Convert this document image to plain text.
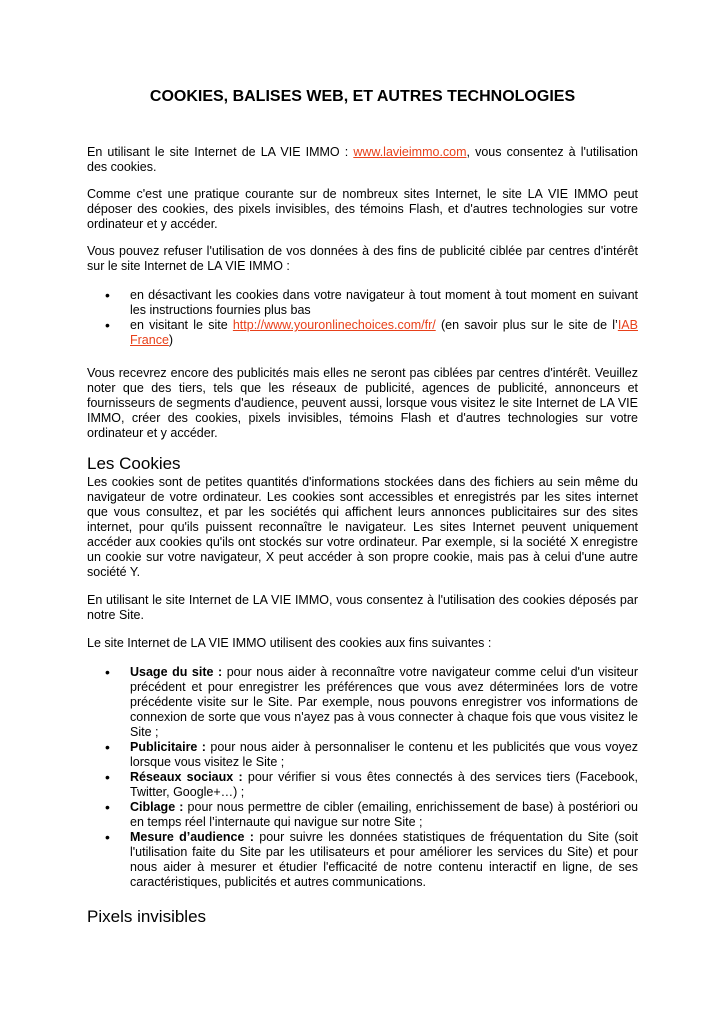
COOKIES, BALISES WEB, ET AUTRES TECHNOLOGIES

En utilisant le site Internet de LA VIE IMMO : www.lavieimmo.com, vous consentez à l'utilisation des cookies.

Comme c'est une pratique courante sur de nombreux sites Internet, le site LA VIE IMMO peut déposer des cookies, des pixels invisibles, des témoins Flash, et d'autres technologies sur votre ordinateur et y accéder.

Vous pouvez refuser l'utilisation de vos données à des fins de publicité ciblée par centres d'intérêt sur le site Internet de LA VIE IMMO :

• en désactivant les cookies dans votre navigateur à tout moment à tout moment en suivant les instructions fournies plus bas
• en visitant le site http://www.youronlinechoices.com/fr/ (en savoir plus sur le site de l’IAB France)

Vous recevrez encore des publicités mais elles ne seront pas ciblées par centres d'intérêt. Veuillez noter que des tiers, tels que les réseaux de publicité, agences de publicité, annonceurs et fournisseurs de segments d'audience, peuvent aussi, lorsque vous visitez le site Internet de LA VIE IMMO, créer des cookies, pixels invisibles, témoins Flash et d'autres technologies sur votre ordinateur et y accéder.

Les Cookies

Les cookies sont de petites quantités d'informations stockées dans des fichiers au sein même du navigateur de votre ordinateur. Les cookies sont accessibles et enregistrés par les sites internet que vous consultez, et par les sociétés qui affichent leurs annonces publicitaires sur des sites internet, pour qu'ils puissent reconnaître le navigateur. Les sites Internet peuvent uniquement accéder aux cookies qu'ils ont stockés sur votre ordinateur. Par exemple, si la société X enregistre un cookie sur votre navigateur, X peut accéder à son propre cookie, mais pas à celui d'une autre société Y.

En utilisant le site Internet de LA VIE IMMO, vous consentez à l'utilisation des cookies déposés par notre Site.

Le site Internet de LA VIE IMMO utilisent des cookies aux fins suivantes :

• Usage du site : pour nous aider à reconnaître votre navigateur comme celui d'un visiteur précédent et pour enregistrer les préférences que vous avez déterminées lors de votre précédente visite sur le Site. Par exemple, nous pouvons enregistrer vos informations de connexion de sorte que vous n'ayez pas à vous connecter à chaque fois que vous visitez le Site ;
• Publicitaire : pour nous aider à personnaliser le contenu et les publicités que vous voyez lorsque vous visitez le Site ;
• Réseaux sociaux : pour vérifier si vous êtes connectés à des services tiers (Facebook, Twitter, Google+…) ;
• Ciblage : pour nous permettre de cibler (emailing, enrichissement de base) à postériori ou en temps réel l’internaute qui navigue sur notre Site ;
• Mesure d’audience : pour suivre les données statistiques de fréquentation du Site (soit l'utilisation faite du Site par les utilisateurs et pour améliorer les services du Site) et pour nous aider à mesurer et étudier l'efficacité de notre contenu interactif en ligne, de ses caractéristiques, publicités et autres communications.
Pixels invisibles
